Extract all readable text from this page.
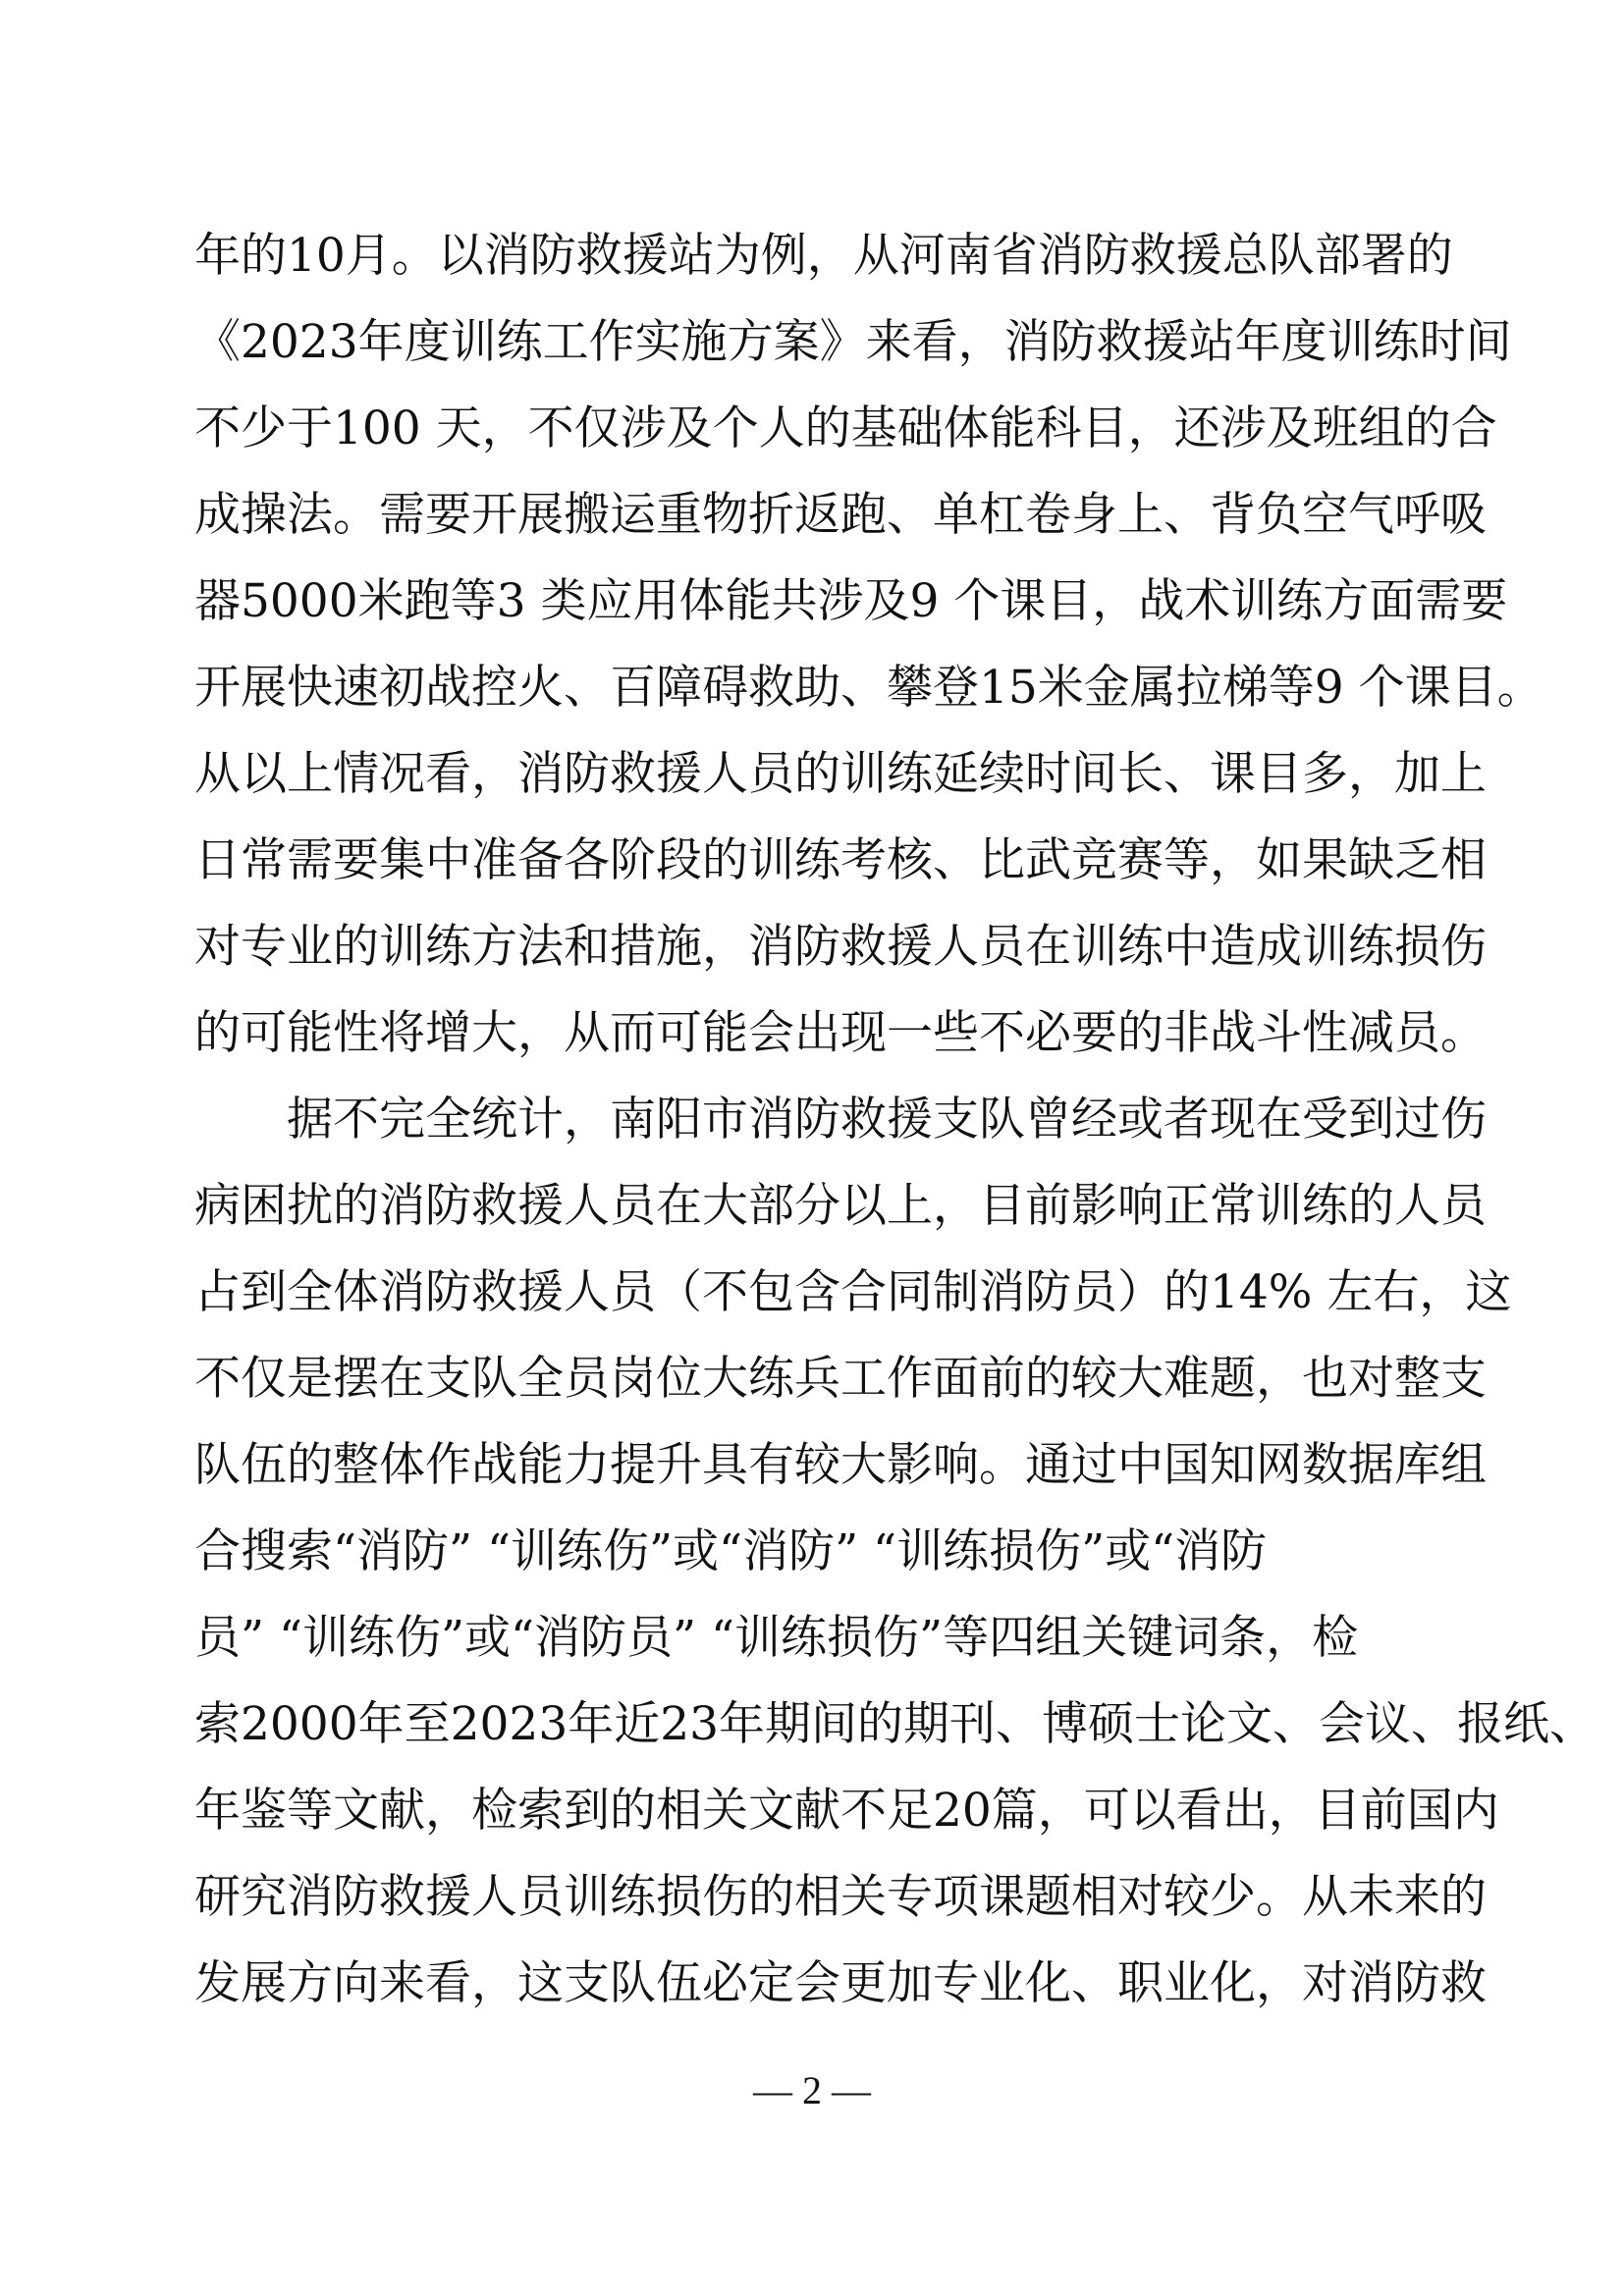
年的10月。以消防救援站为例，从河南省消防救援总队部署的
《2023年度训练工作实施方案》来看，消防救援站年度训练时间
不少于100 天，不仅涉及个人的基础体能科目，还涉及班组的合
成操法。需要开展搬运重物折返跑、单杠卷身上、背负空气呼吸
器5000米跑等3 类应用体能共涉及9 个课目，战术训练方面需要
开展快速初战控火、百障碍救助、攀登15米金属拉梯等9 个课目。
从以上情况看，消防救援人员的训练延续时间长、课目多，加上
日常需要集中准备各阶段的训练考核、比武竞赛等，如果缺乏相
对专业的训练方法和措施，消防救援人员在训练中造成训练损伤
的可能性将增大，从而可能会出现一些不必要的非战斗性减员。
　　据不完全统计，南阳市消防救援支队曾经或者现在受到过伤
病困扰的消防救援人员在大部分以上，目前影响正常训练的人员
占到全体消防救援人员（不包含合同制消防员）的14% 左右，这
不仅是摆在支队全员岗位大练兵工作面前的较大难题，也对整支
队伍的整体作战能力提升具有较大影响。通过中国知网数据库组
合搜索“消防” “训练伤”或“消防” “训练损伤”或“消防
员” “训练伤”或“消防员” “训练损伤”等四组关键词条，检
索2000年至2023年近23年期间的期刊、博硕士论文、会议、报纸、
年鉴等文献，检索到的相关文献不足20篇，可以看出，目前国内
研究消防救援人员训练损伤的相关专项课题相对较少。从未来的
发展方向来看，这支队伍必定会更加专业化、职业化，对消防救
— 2 —
